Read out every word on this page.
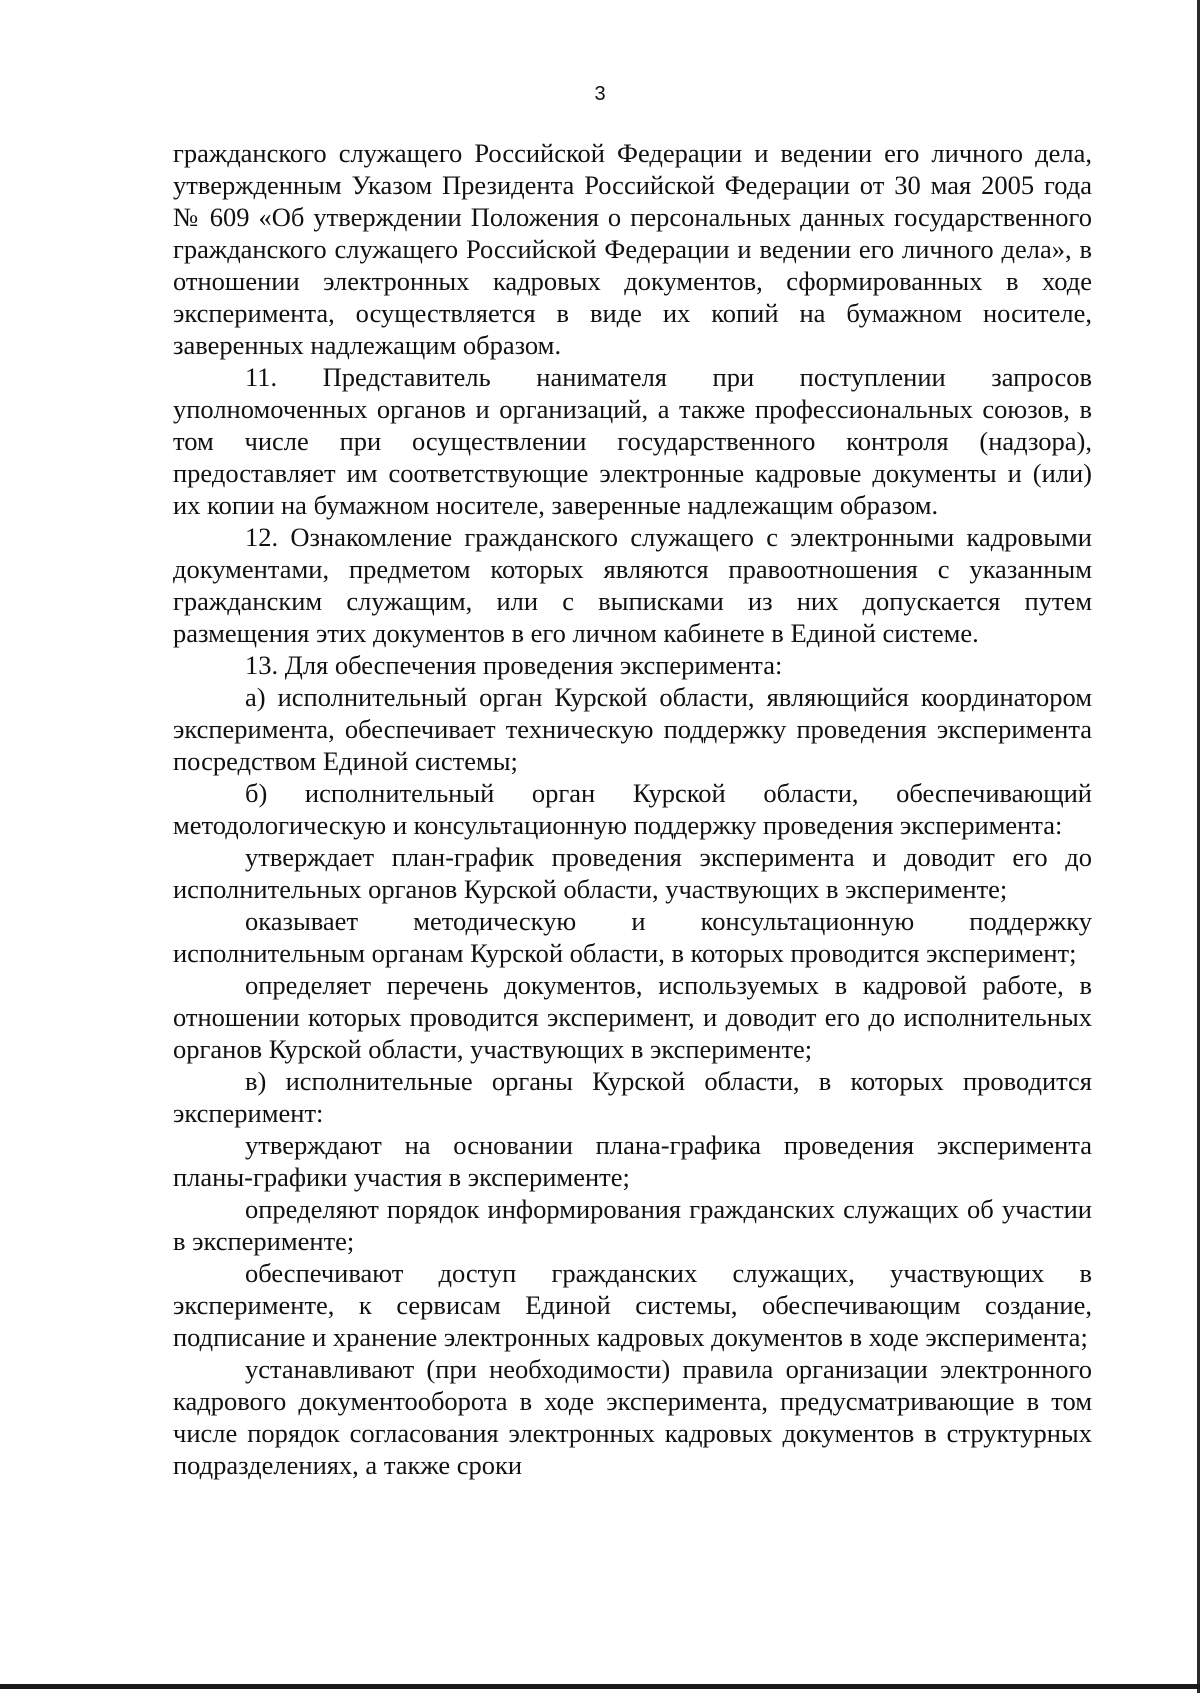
3

гражданского служащего Российской Федерации и ведении его личного дела, утвержденным Указом Президента Российской Федерации от 30 мая 2005 года № 609 «Об утверждении Положения о персональных данных государственного гражданского служащего Российской Федерации и ведении его личного дела», в отношении электронных кадровых документов, сформированных в ходе эксперимента, осуществляется в виде их копий на бумажном носителе, заверенных надлежащим образом.

11. Представитель нанимателя при поступлении запросов уполномоченных органов и организаций, а также профессиональных союзов, в том числе при осуществлении государственного контроля (надзора), предоставляет им соответствующие электронные кадровые документы и (или) их копии на бумажном носителе, заверенные надлежащим образом.

12. Ознакомление гражданского служащего с электронными кадровыми документами, предметом которых являются правоотношения с указанным гражданским служащим, или с выписками из них допускается путем размещения этих документов в его личном кабинете в Единой системе.

13. Для обеспечения проведения эксперимента:

а) исполнительный орган Курской области, являющийся координатором эксперимента, обеспечивает техническую поддержку проведения эксперимента посредством Единой системы;

б) исполнительный орган Курской области, обеспечивающий методологическую и консультационную поддержку проведения эксперимента:

утверждает план-график проведения эксперимента и доводит его до исполнительных органов Курской области, участвующих в эксперименте;

оказывает методическую и консультационную поддержку исполнительным органам Курской области, в которых проводится эксперимент;

определяет перечень документов, используемых в кадровой работе, в отношении которых проводится эксперимент, и доводит его до исполнительных органов Курской области, участвующих в эксперименте;

в) исполнительные органы Курской области, в которых проводится эксперимент:

утверждают на основании плана-графика проведения эксперимента планы-графики участия в эксперименте;

определяют порядок информирования гражданских служащих об участии в эксперименте;

обеспечивают доступ гражданских служащих, участвующих в эксперименте, к сервисам Единой системы, обеспечивающим создание, подписание и хранение электронных кадровых документов в ходе эксперимента;

устанавливают (при необходимости) правила организации электронного кадрового документооборота в ходе эксперимента, предусматривающие в том числе порядок согласования электронных кадровых документов в структурных подразделениях, а также сроки
